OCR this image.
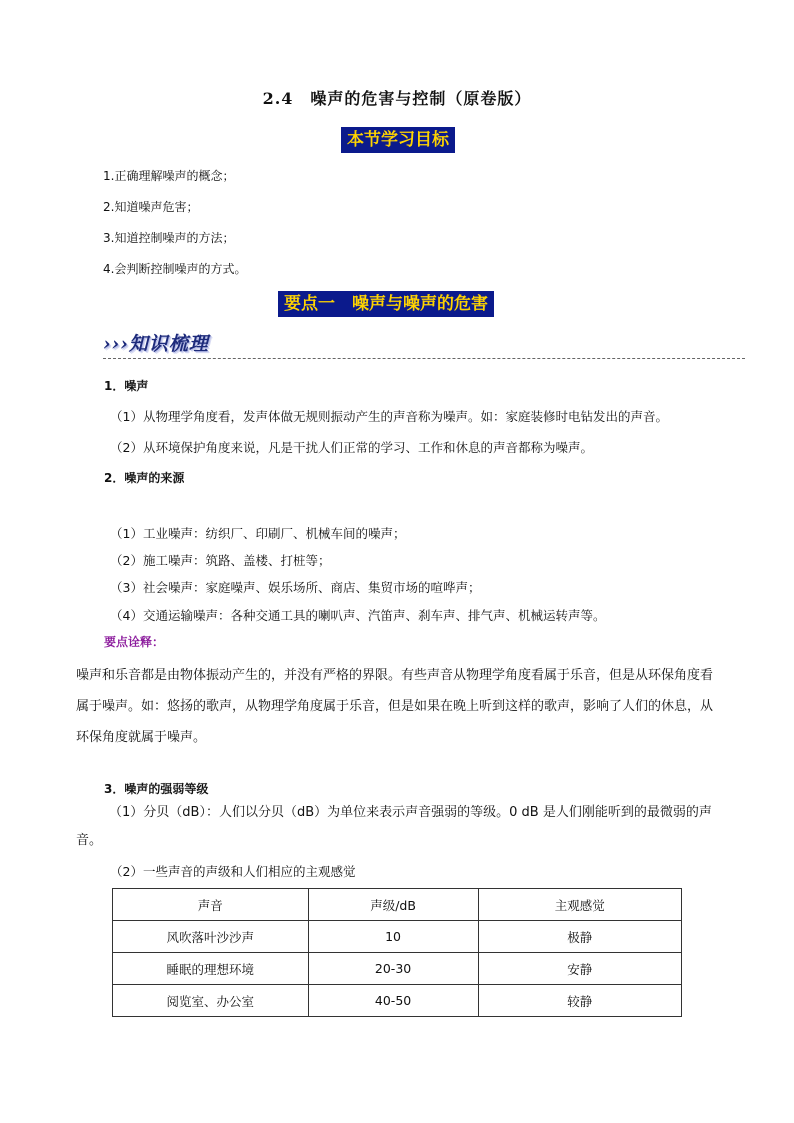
2.4　噪声的危害与控制（原卷版）
本节学习目标
1.正确理解噪声的概念；
2.知道噪声危害；
3.知道控制噪声的方法；
4.会判断控制噪声的方式。
要点一　噪声与噪声的危害
›››知识梳理
1．噪声
（1）从物理学角度看，发声体做无规则振动产生的声音称为噪声。如：家庭装修时电钻发出的声音。
（2）从环境保护角度来说，凡是干扰人们正常的学习、工作和休息的声音都称为噪声。
2．噪声的来源
（1）工业噪声：纺织厂、印刷厂、机械车间的噪声；
（2）施工噪声：筑路、盖楼、打桩等；
（3）社会噪声：家庭噪声、娱乐场所、商店、集贸市场的喧哗声；
（4）交通运输噪声：各种交通工具的喇叭声、汽笛声、刹车声、排气声、机械运转声等。
要点诠释：
噪声和乐音都是由物体振动产生的，并没有严格的界限。有些声音从物理学角度看属于乐音，但是从环保角度看属于噪声。如：悠扬的歌声，从物理学角度属于乐音，但是如果在晚上听到这样的歌声，影响了人们的休息，从环保角度就属于噪声。
3．噪声的强弱等级
（1）分贝（dB）：人们以分贝（dB）为单位来表示声音强弱的等级。0 dB 是人们刚能听到的最微弱的声音。
（2）一些声音的声级和人们相应的主观感觉
声音	声级/dB	主观感觉
风吹落叶沙沙声	10	极静
睡眠的理想环境	20-30	安静
阅览室、办公室	40-50	较静
